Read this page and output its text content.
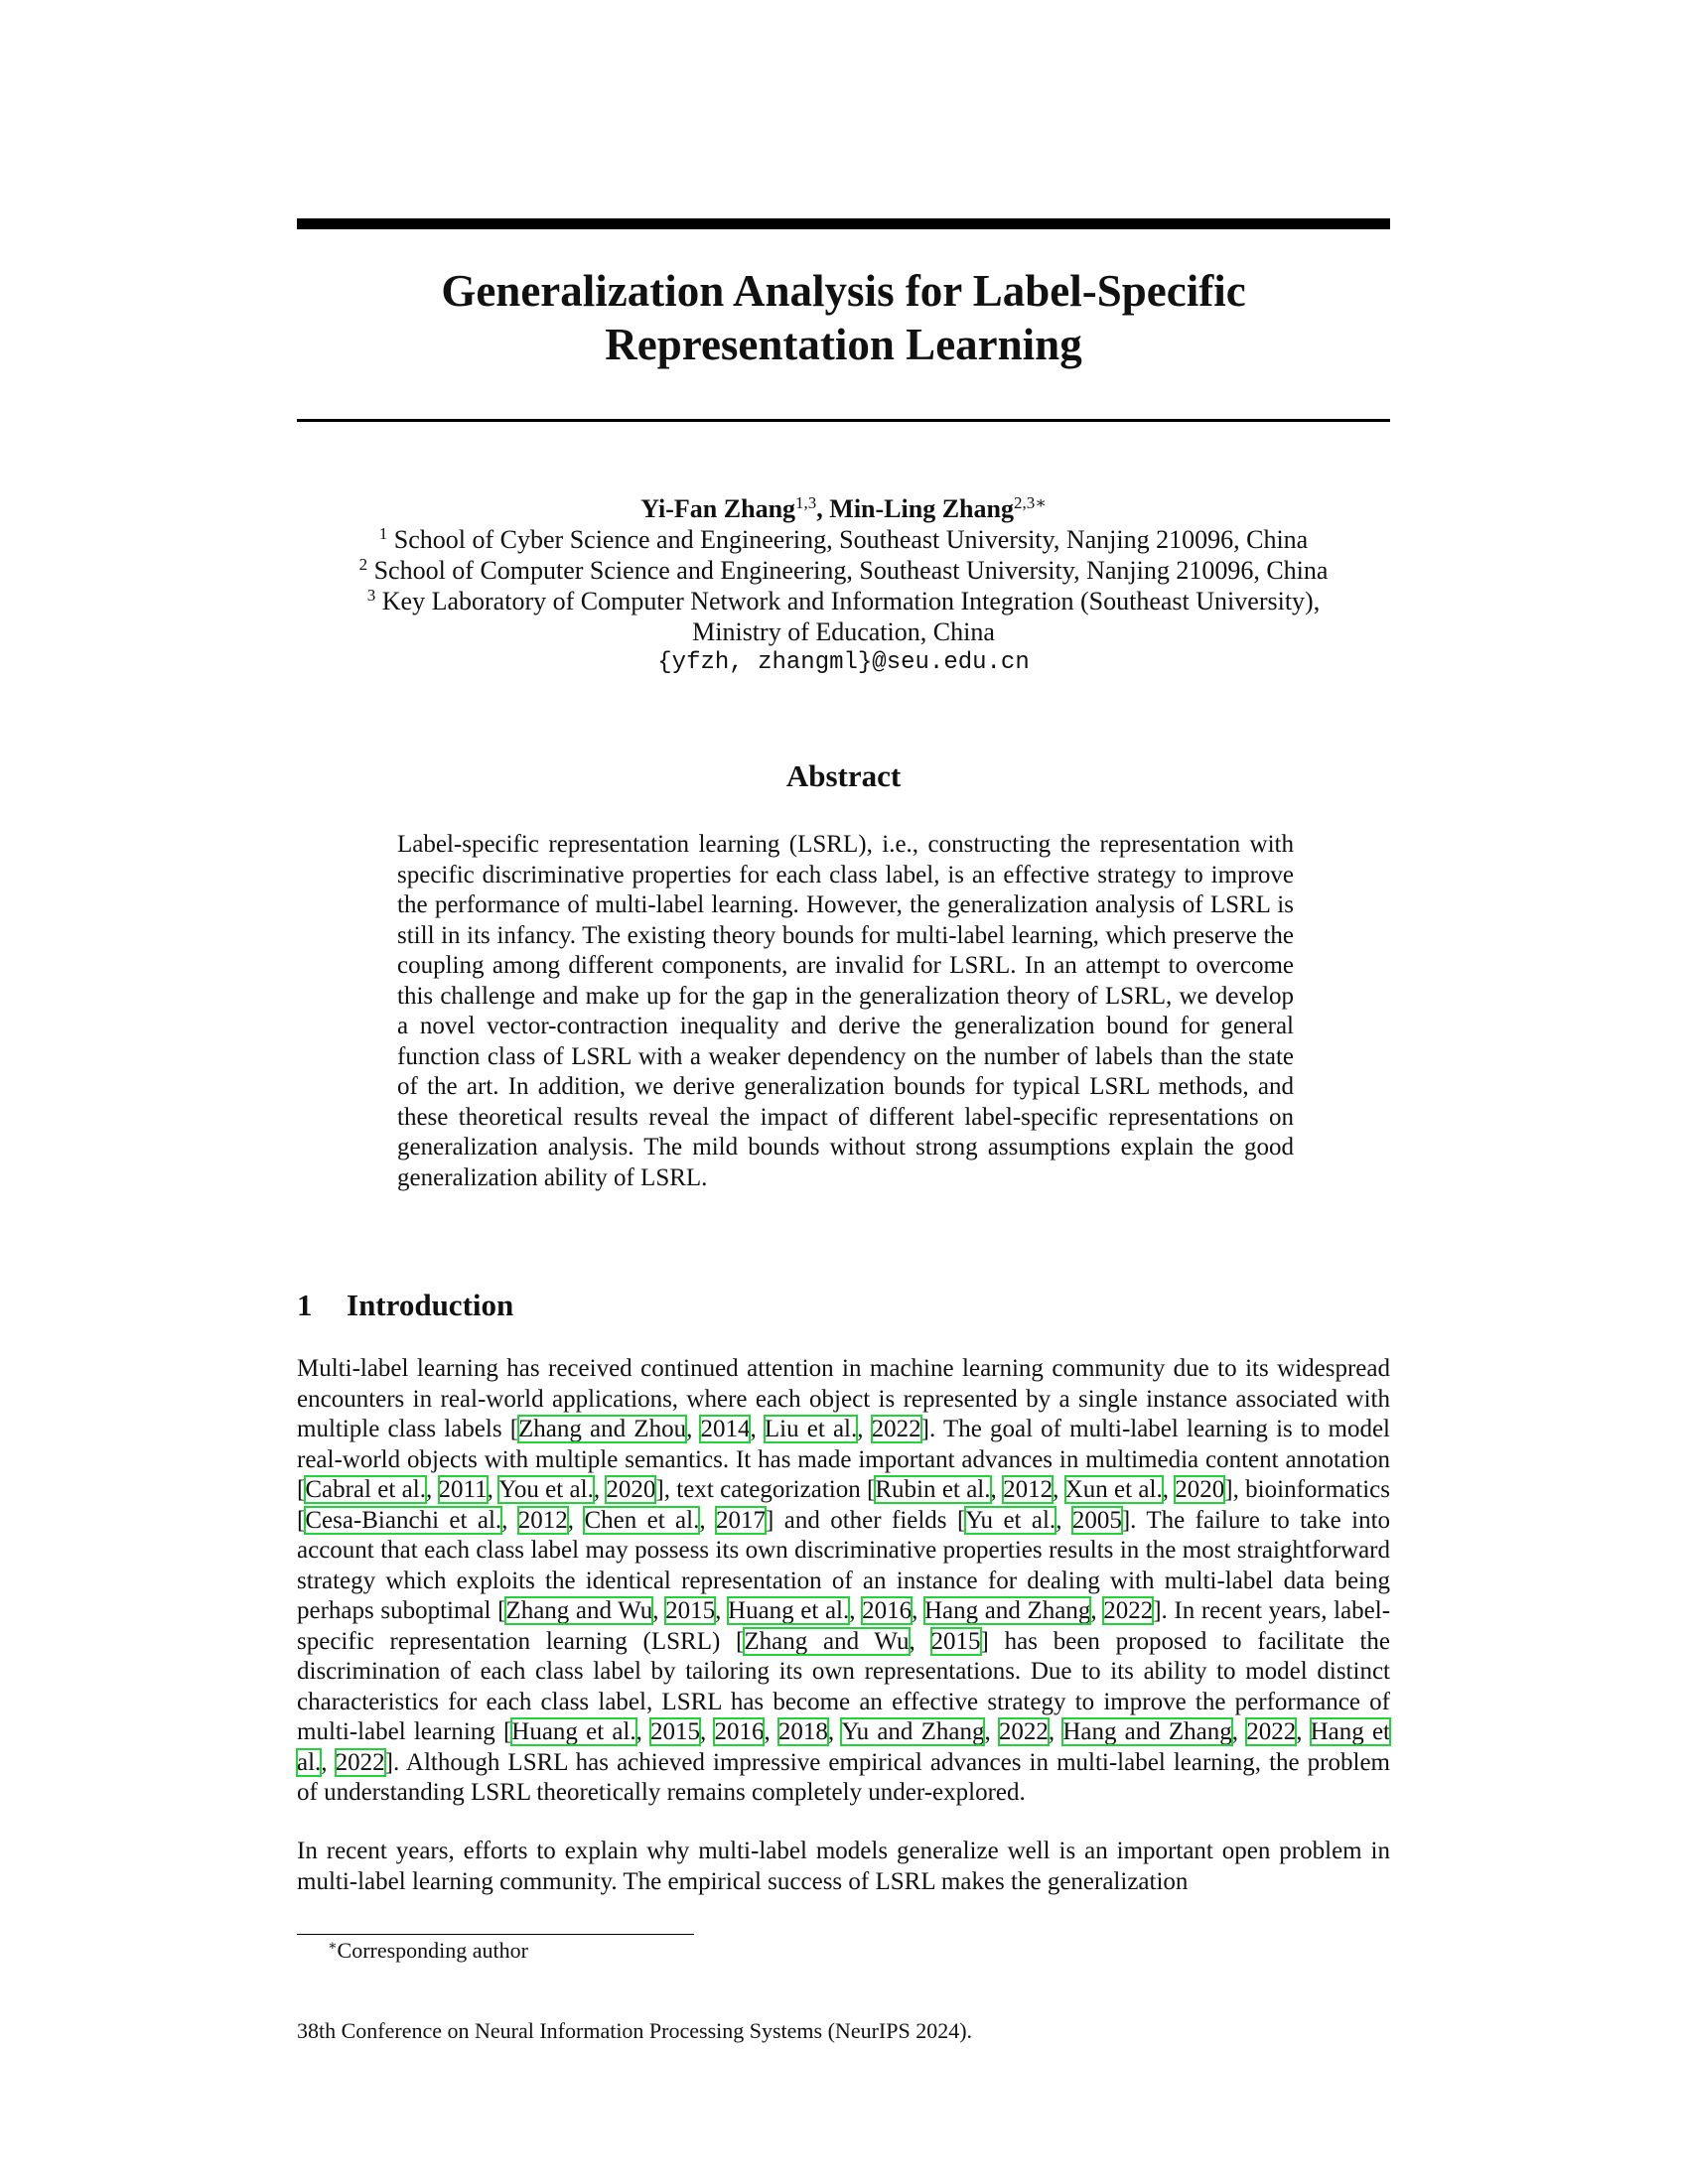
Generalization Analysis for Label-Specific
Representation Learning
Yi-Fan Zhang$^{1,3}$, Min-Ling Zhang$^{2,3∗}$
$^1$ School of Cyber Science and Engineering, Southeast University, Nanjing 210096, China
$^2$ School of Computer Science and Engineering, Southeast University, Nanjing 210096, China
$^3$ Key Laboratory of Computer Network and Information Integration (Southeast University),
Ministry of Education, China
{yfzh, zhangml}@seu.edu.cn
Abstract

Label-specific representation learning (LSRL), i.e., constructing the representation with specific discriminative properties for each class label, is an effective strategy to improve the performance of multi-label learning. However, the generalization analysis of LSRL is still in its infancy. The existing theory bounds for multi-label learning, which preserve the coupling among different components, are invalid for LSRL. In an attempt to overcome this challenge and make up for the gap in the generalization theory of LSRL, we develop a novel vector-contraction inequality and derive the generalization bound for general function class of LSRL with a weaker dependency on the number of labels than the state of the art. In addition, we derive generalization bounds for typical LSRL methods, and these theoretical results reveal the impact of different label-specific representations on generalization analysis. The mild bounds without strong assumptions explain the good generalization ability of LSRL.

1 Introduction

Multi-label learning has received continued attention in machine learning community due to its widespread encounters in real-world applications, where each object is represented by a single instance associated with multiple class labels [Zhang and Zhou, 2014, Liu et al., 2022]. The goal of multi-label learning is to model real-world objects with multiple semantics. It has made important advances in multimedia content annotation [Cabral et al., 2011, You et al., 2020], text categorization [Rubin et al., 2012, Xun et al., 2020], bioinformatics [Cesa-Bianchi et al., 2012, Chen et al., 2017] and other fields [Yu et al., 2005]. The failure to take into account that each class label may possess its own discriminative properties results in the most straightforward strategy which exploits the identical representation of an instance for dealing with multi-label data being perhaps suboptimal [Zhang and Wu, 2015, Huang et al., 2016, Hang and Zhang, 2022]. In recent years, label-specific representation learning (LSRL) [Zhang and Wu, 2015] has been proposed to facilitate the discrimination of each class label by tailoring its own representations. Due to its ability to model distinct characteristics for each class label, LSRL has become an effective strategy to improve the performance of multi-label learning [Huang et al., 2015, 2016, 2018, Yu and Zhang, 2022, Hang and Zhang, 2022, Hang et al., 2022]. Although LSRL has achieved impressive empirical advances in multi-label learning, the problem of understanding LSRL theoretically remains completely under-explored.

In recent years, efforts to explain why multi-label models generalize well is an important open problem in multi-label learning community. The empirical success of LSRL makes the generalization

∗Corresponding author
38th Conference on Neural Information Processing Systems (NeurIPS 2024).
